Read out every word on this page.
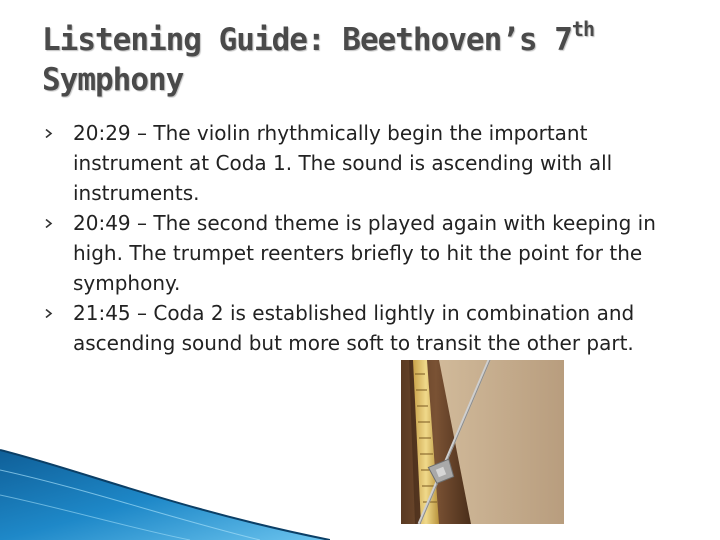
Listening Guide: Beethoven’s 7th
Symphony
20:29 – The violin rhythmically begin the important instrument at Coda 1. The sound is ascending with all instruments.
20:49 – The second theme is played again with keeping in high. The trumpet reenters briefly to hit the point for the symphony.
21:45 – Coda 2 is established lightly in combination and ascending sound but more soft to transit the other part.
